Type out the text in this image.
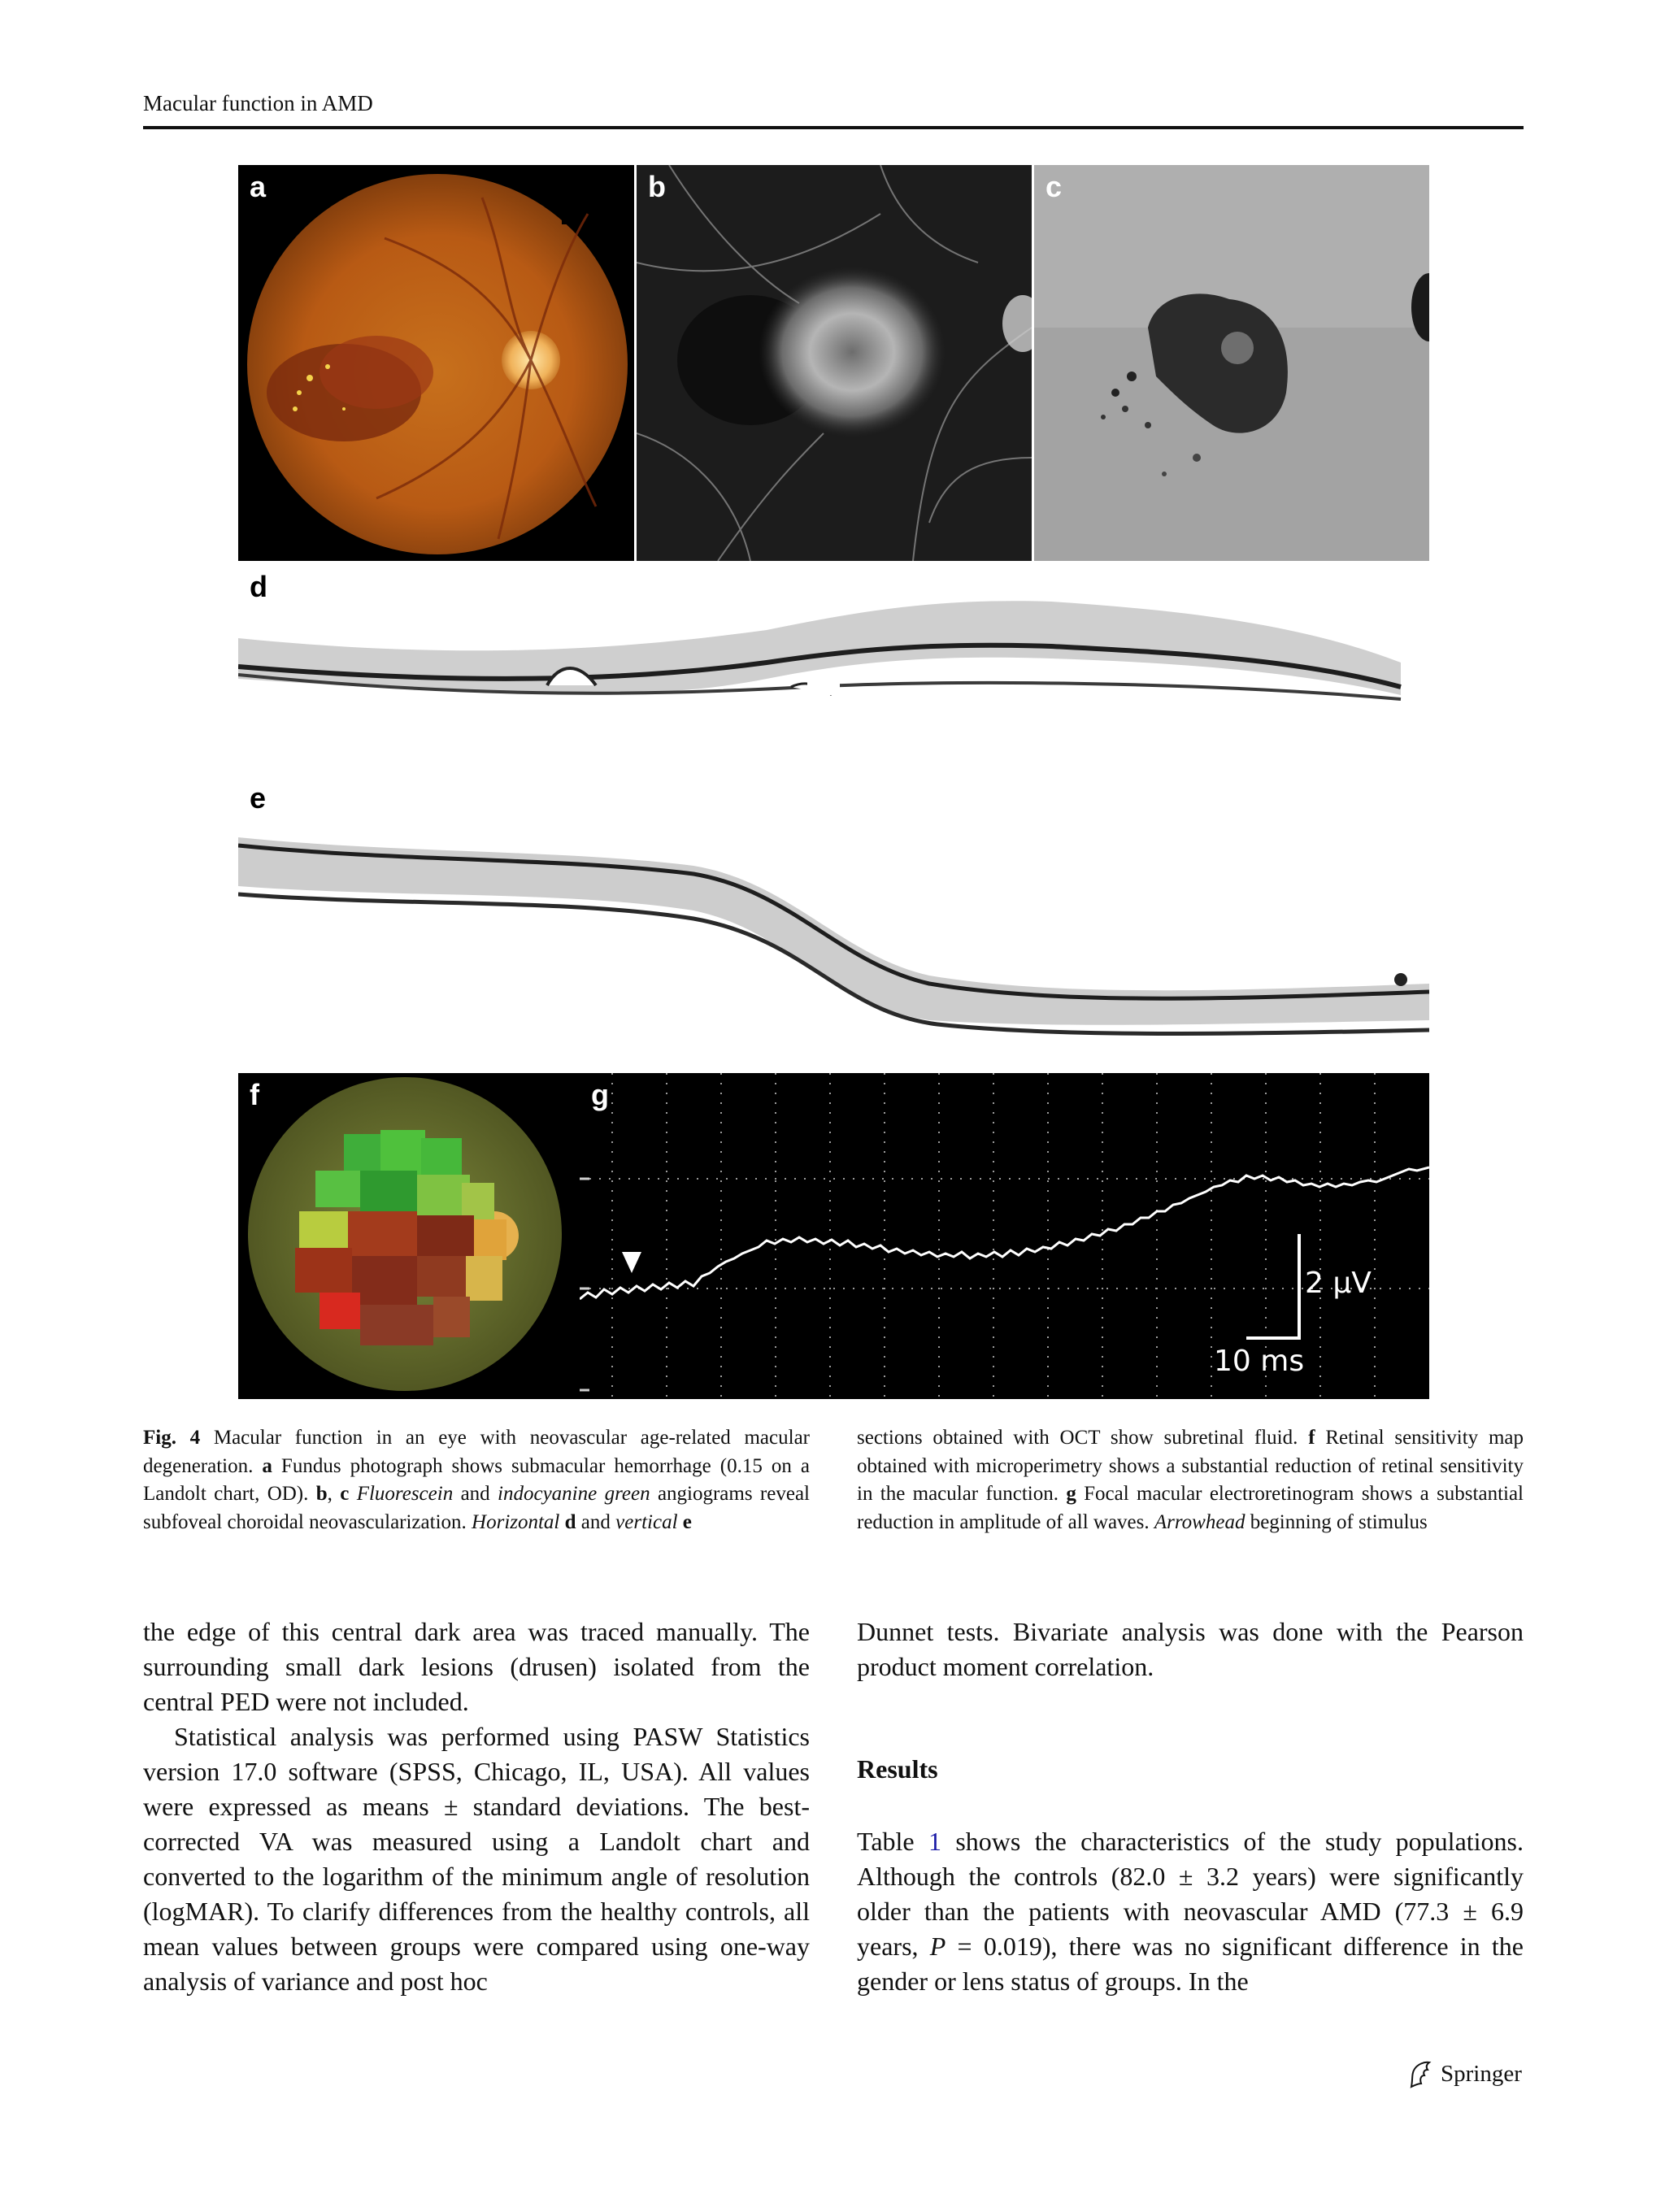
Macular function in AMD
a	b	c
d
e
f	g
2 μV
10 ms
Fig. 4 Macular function in an eye with neovascular age-related macular degeneration. a Fundus photograph shows submacular hemorrhage (0.15 on a Landolt chart, OD). b, c Fluorescein and indocyanine green angiograms reveal subfoveal choroidal neovascularization. Horizontal d and vertical e
sections obtained with OCT show subretinal fluid. f Retinal sensitivity map obtained with microperimetry shows a substantial reduction of retinal sensitivity in the macular function. g Focal macular electroretinogram shows a substantial reduction in amplitude of all waves. Arrowhead beginning of stimulus

the edge of this central dark area was traced manually. The surrounding small dark lesions (drusen) isolated from the central PED were not included.

Statistical analysis was performed using PASW Statistics version 17.0 software (SPSS, Chicago, IL, USA). All values were expressed as means ± standard deviations. The best-corrected VA was measured using a Landolt chart and converted to the logarithm of the minimum angle of resolution (logMAR). To clarify differences from the healthy controls, all mean values between groups were compared using one-way analysis of variance and post hoc

Dunnet tests. Bivariate analysis was done with the Pearson product moment correlation.

Results

Table 1 shows the characteristics of the study populations. Although the controls (82.0 ± 3.2 years) were significantly older than the patients with neovascular AMD (77.3 ± 6.9 years, P = 0.019), there was no significant difference in the gender or lens status of groups. In the

Springer
